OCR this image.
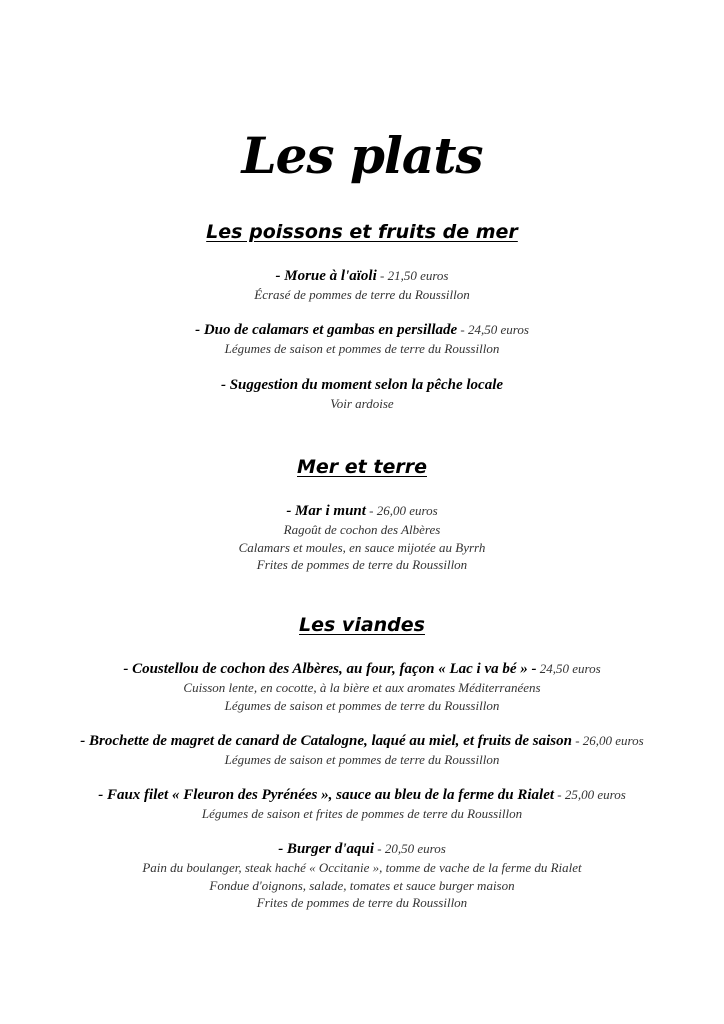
Les plats
Les poissons et fruits de mer
- Morue à l'aïoli - 21,50 euros
Écrasé de pommes de terre du Roussillon
- Duo de calamars et gambas en persillade - 24,50 euros
Légumes de saison et pommes de terre du Roussillon
- Suggestion du moment selon la pêche locale
Voir ardoise
Mer et terre
- Mar i munt - 26,00 euros
Ragoût de cochon des Albères
Calamars et moules, en sauce mijotée au Byrrh
Frites de pommes de terre du Roussillon
Les viandes
- Coustellou de cochon des Albères, au four, façon « Lac i va bé » - 24,50 euros
Cuisson lente, en cocotte, à la bière et aux aromates Méditerranéens
Légumes de saison et pommes de terre du Roussillon
- Brochette de magret de canard de Catalogne, laqué au miel, et fruits de saison - 26,00 euros
Légumes de saison et pommes de terre du Roussillon
- Faux filet « Fleuron des Pyrénées », sauce au bleu de la ferme du Rialet - 25,00 euros
Légumes de saison et frites de pommes de terre du Roussillon
- Burger d'aqui - 20,50 euros
Pain du boulanger, steak haché « Occitanie », tomme de vache de la ferme du Rialet
Fondue d'oignons, salade, tomates et sauce burger maison
Frites de pommes de terre du Roussillon
